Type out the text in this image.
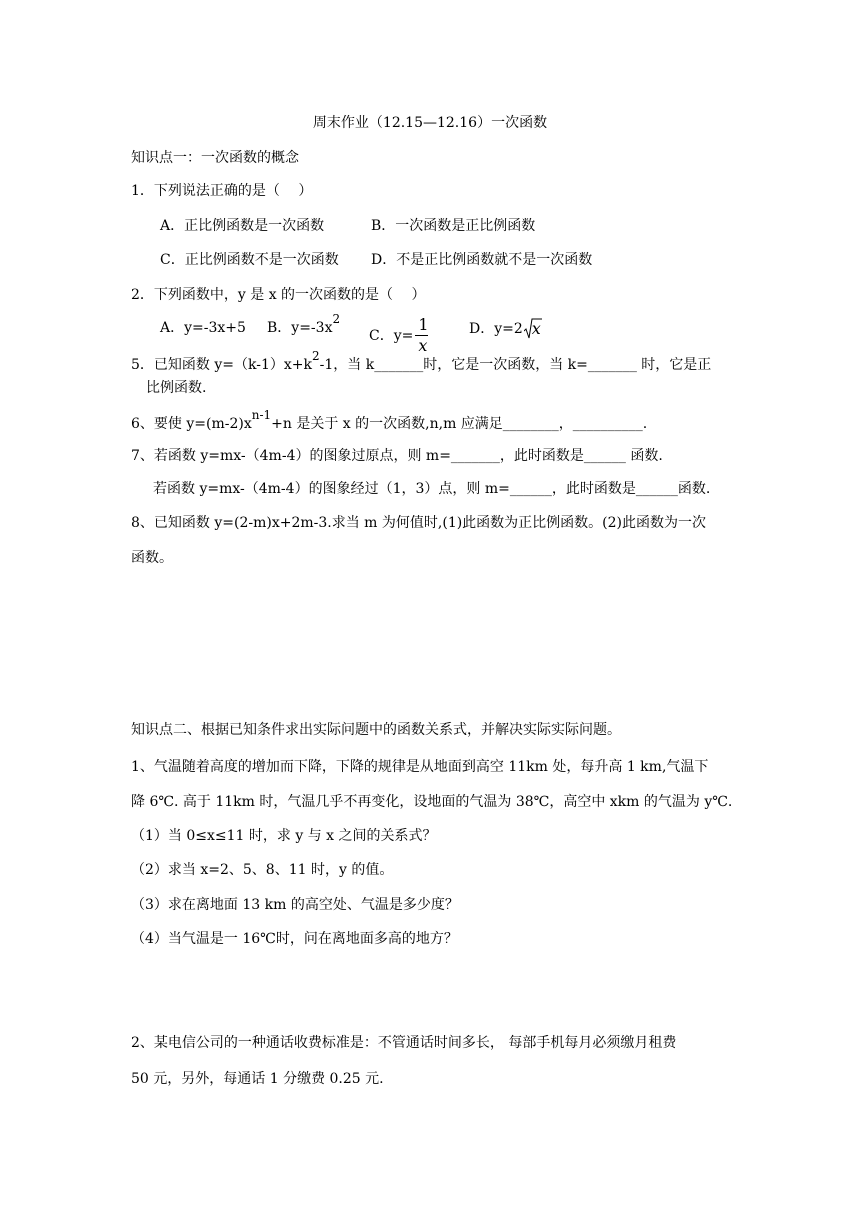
周末作业（12.15—12.16）一次函数
知识点一：一次函数的概念
1．下列说法正确的是（　 ）
A．正比例函数是一次函数	B．一次函数是正比例函数
C．正比例函数不是一次函数 D．不是正比例函数就不是一次函数
2．下列函数中，y 是 x 的一次函数的是（　 ）
A．y=-3x+5 B．y=-3x2
C．$y= \frac{1}{x}$	D．y=2 x
5．已知函数 y=（k-1）x+k2-1，当 k_______时，它是一次函数，当 k=_______ 时，它是正
比例函数.
6、要使 y=(m-2)xn-1+n 是关于 x 的一次函数,n,m 应满足________，__________.
7、若函数 y=mx-（4m-4）的图象过原点，则 m=_______，此时函数是______ 函数.
若函数 y=mx-（4m-4）的图象经过（1，3）点，则 m=______，此时函数是______函数.
8、已知函数 y=(2-m)x+2m-3.求当 m 为何值时,(1)此函数为正比例函数。(2)此函数为一次
函数。
知识点二、根据已知条件求出实际问题中的函数关系式，并解决实际实际问题。
1、气温随着高度的增加而下降，下降的规律是从地面到高空 11km 处，每升高 1 km,气温下
降 6℃. 高于 11km 时，气温几乎不再变化，设地面的气温为 38℃，高空中 xkm 的气温为 y℃.
（1）当 0≤x≤11 时，求 y 与 x 之间的关系式？
（2）求当 x=2、5、8、11 时，y 的值。
（3）求在离地面 13 km 的高空处、气温是多少度？
（4）当气温是一 16℃时，问在离地面多高的地方？
2、某电信公司的一种通话收费标准是：不管通话时间多长， 每部手机每月必须缴月租费
50 元，另外，每通话 1 分缴费 0.25 元.
